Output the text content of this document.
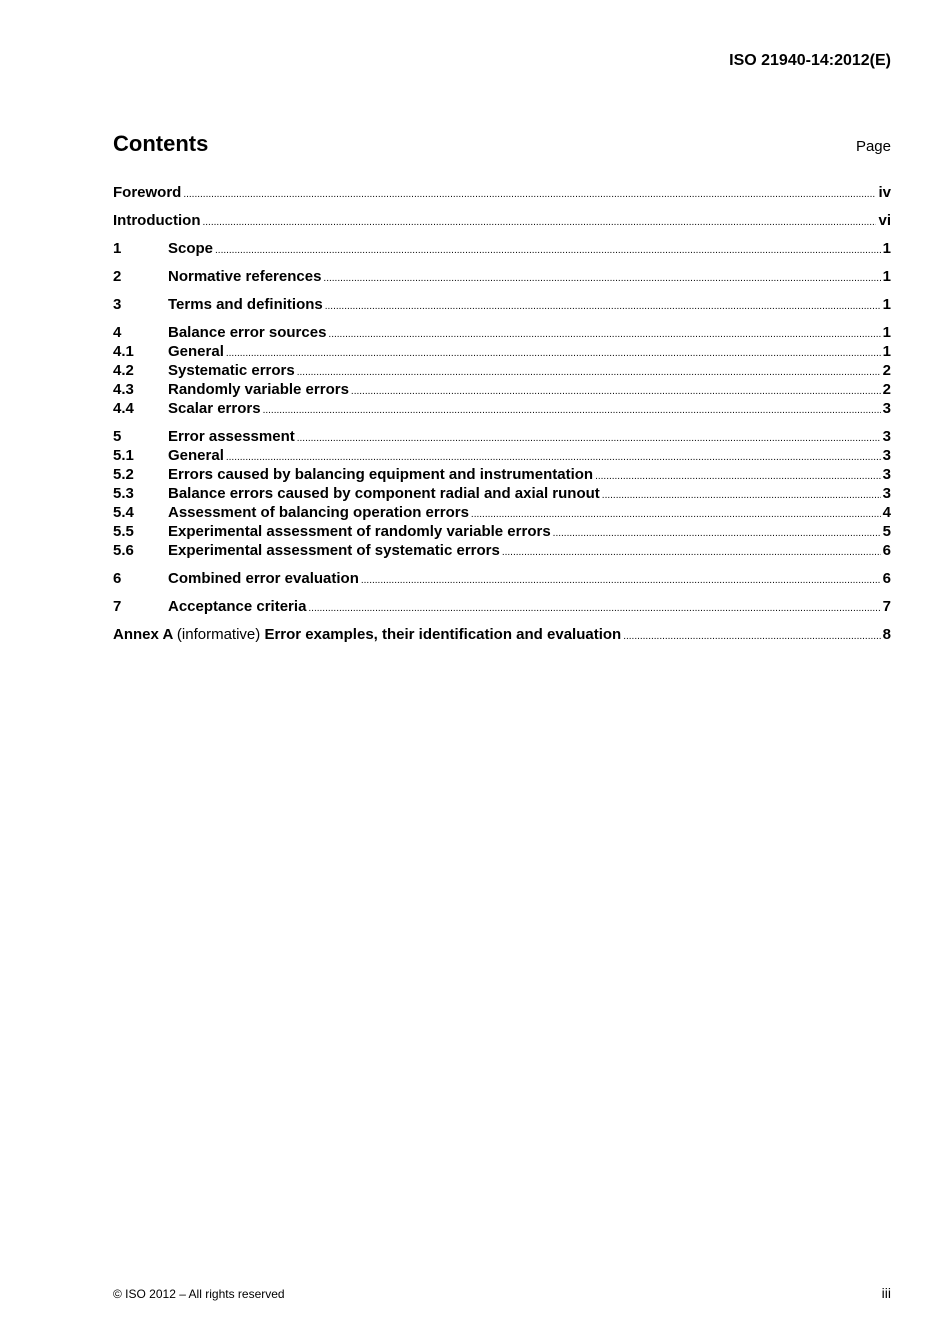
ISO 21940-14:2012(E)
Contents	Page
Foreword .....	iv
Introduction .....	vi
1	Scope .....	1
2	Normative references .....	1
3	Terms and definitions .....	1
4	Balance error sources .....	1
4.1	General .....	1
4.2	Systematic errors .....	2
4.3	Randomly variable errors .....	2
4.4	Scalar errors .....	3
5	Error assessment .....	3
5.1	General .....	3
5.2	Errors caused by balancing equipment and instrumentation .....	3
5.3	Balance errors caused by component radial and axial runout .....	3
5.4	Assessment of balancing operation errors .....	4
5.5	Experimental assessment of randomly variable errors .....	5
5.6	Experimental assessment of systematic errors .....	6
6	Combined error evaluation .....	6
7	Acceptance criteria .....	7
Annex A (informative) Error examples, their identification and evaluation .....	8
© ISO 2012 – All rights reserved	iii
